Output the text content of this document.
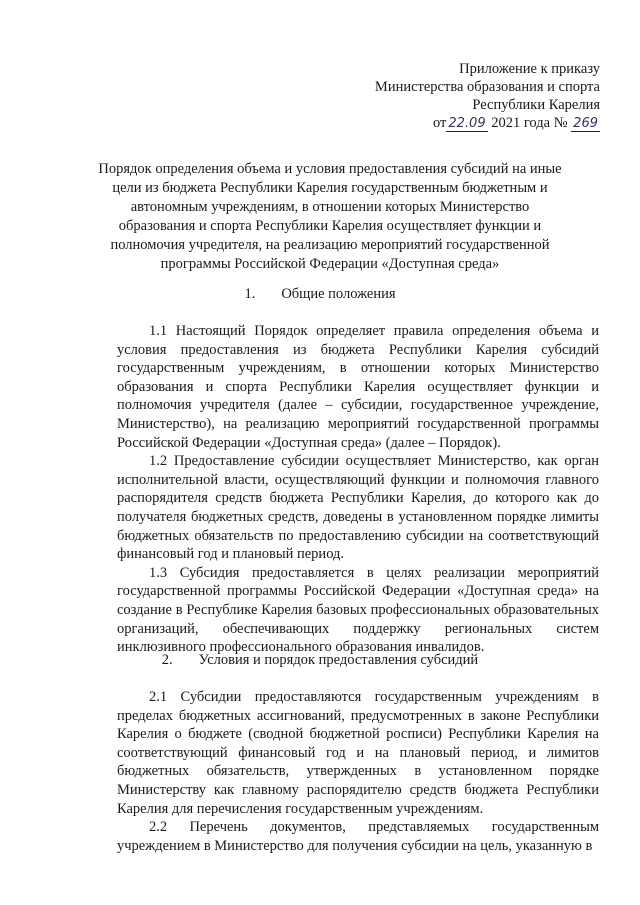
Приложение к приказу
Министерства образования и спорта
Республики Карелия
от 22.09 2021 года № 269
Порядок определения объема и условия предоставления субсидий на иные цели из бюджета Республики Карелия государственным бюджетным и автономным учреждениям, в отношении которых Министерство образования и спорта Республики Карелия осуществляет функции и полномочия учредителя, на реализацию мероприятий государственной программы Российской Федерации «Доступная среда»
1. Общие положения

1.1 Настоящий Порядок определяет правила определения объема и условия предоставления из бюджета Республики Карелия субсидий государственным учреждениям, в отношении которых Министерство образования и спорта Республики Карелия осуществляет функции и полномочия учредителя (далее – субсидии, государственное учреждение, Министерство), на реализацию мероприятий государственной программы Российской Федерации «Доступная среда» (далее – Порядок).

1.2 Предоставление субсидии осуществляет Министерство, как орган исполнительной власти, осуществляющий функции и полномочия главного распорядителя средств бюджета Республики Карелия, до которого как до получателя бюджетных средств, доведены в установленном порядке лимиты бюджетных обязательств по предоставлению субсидии на соответствующий финансовый год и плановый период.

1.3 Субсидия предоставляется в целях реализации мероприятий государственной программы Российской Федерации «Доступная среда» на создание в Республике Карелия базовых профессиональных образовательных организаций, обеспечивающих поддержку региональных систем инклюзивного профессионального образования инвалидов.

2. Условия и порядок предоставления субсидий

2.1 Субсидии предоставляются государственным учреждениям в пределах бюджетных ассигнований, предусмотренных в законе Республики Карелия о бюджете (сводной бюджетной росписи) Республики Карелия на соответствующий финансовый год и на плановый период, и лимитов бюджетных обязательств, утвержденных в установленном порядке Министерству как главному распорядителю средств бюджета Республики Карелия для перечисления государственным учреждениям.

2.2 Перечень документов, представляемых государственным учреждением в Министерство для получения субсидии на цель, указанную в
